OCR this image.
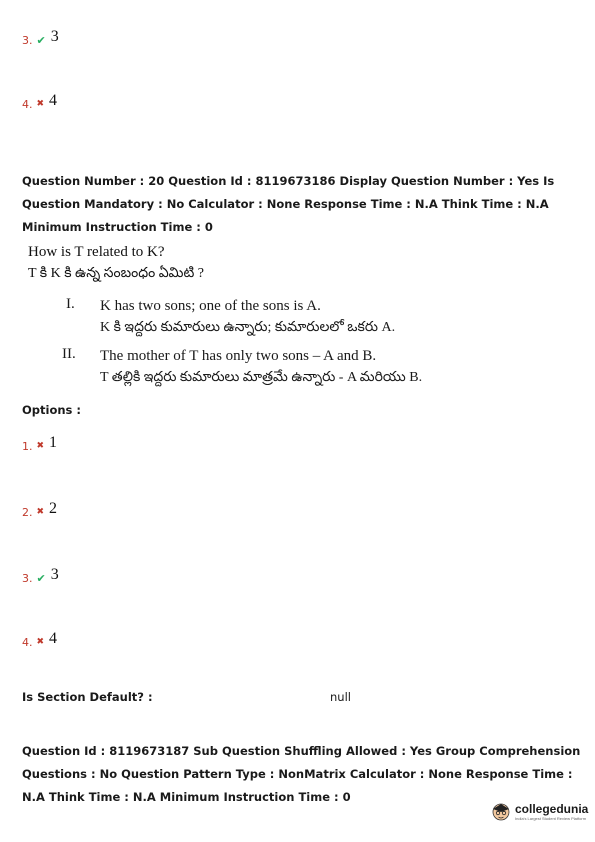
3. ✔ 3
4. ✖ 4
Question Number : 20 Question Id : 8119673186 Display Question Number : Yes Is Question Mandatory : No Calculator : None Response Time : N.A Think Time : N.A Minimum Instruction Time : 0
How is T related to K?
T కి K కి ఉన్న సంబంధం ఏమిటి ?
I. K has two sons; one of the sons is A.
K కి ఇద్దరు కుమారులు ఉన్నారు; కుమారులలో ఒకరు A.
II. The mother of T has only two sons – A and B.
T తల్లికి ఇద్దరు కుమారులు మాత్రమే ఉన్నారు - A మరియు B.
Options :
1. ✖ 1
2. ✖ 2
3. ✔ 3
4. ✖ 4
Is Section Default? :	null
Question Id : 8119673187 Sub Question Shuffling Allowed : Yes Group Comprehension Questions : No Question Pattern Type : NonMatrix Calculator : None Response Time : N.A Think Time : N.A Minimum Instruction Time : 0
collegedunia
India's Largest Student Review Platform
